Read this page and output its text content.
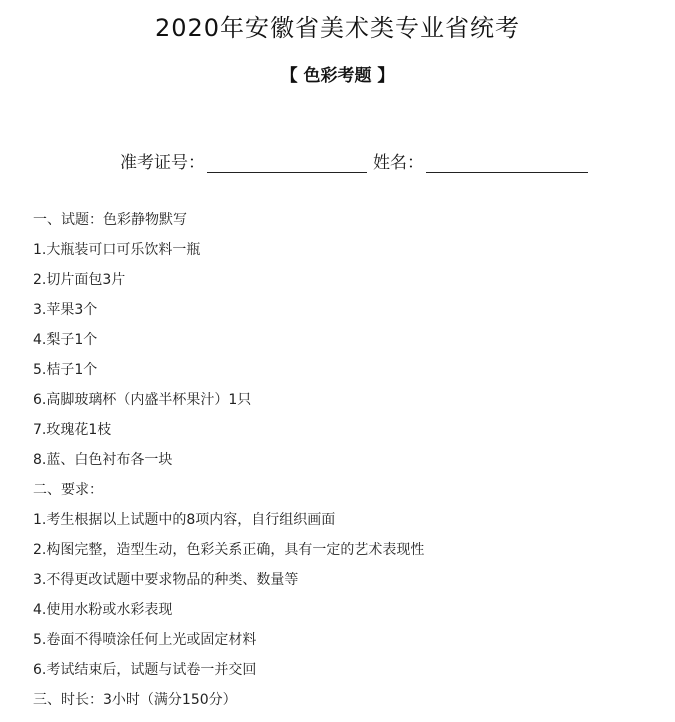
2020年安徽省美术类专业省统考
【 色彩考题 】
准考证号：	姓名：
一、试题：色彩静物默写
1.大瓶装可口可乐饮料一瓶
2.切片面包3片
3.苹果3个
4.梨子1个
5.桔子1个
6.高脚玻璃杯（内盛半杯果汁）1只
7.玫瑰花1枝
8.蓝、白色衬布各一块
二、要求：
1.考生根据以上试题中的8项内容，自行组织画面
2.构图完整，造型生动，色彩关系正确，具有一定的艺术表现性
3.不得更改试题中要求物品的种类、数量等
4.使用水粉或水彩表现
5.卷面不得喷涂任何上光或固定材料
6.考试结束后，试题与试卷一并交回
三、时长：3小时（满分150分）
